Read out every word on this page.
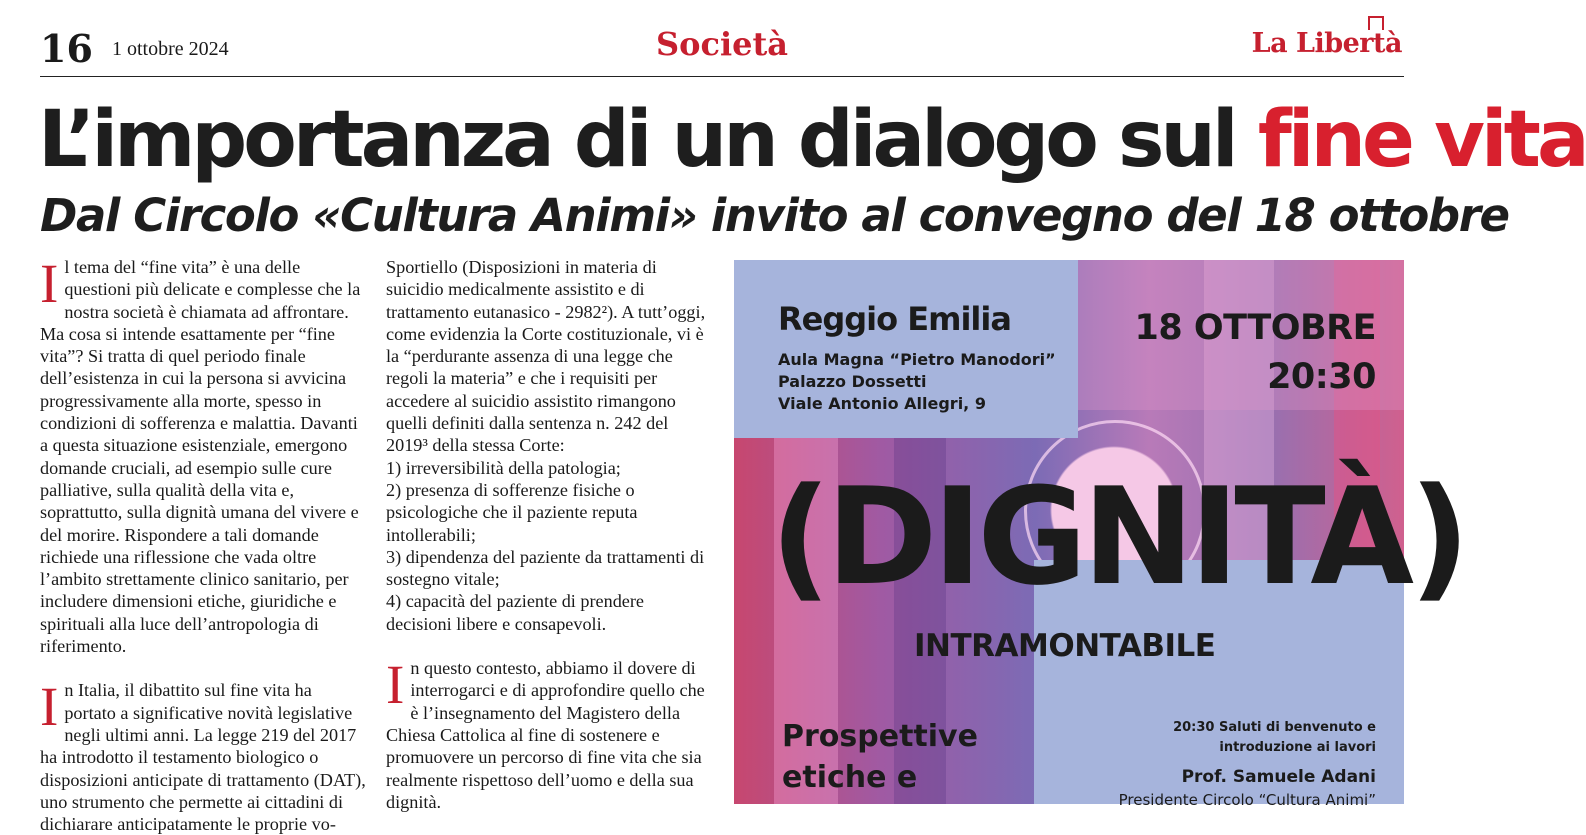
16 1 ottobre 2024	Società	La Libertà
L’importanza di un dialogo sul fine vita
Dal Circolo «Cultura Animi» invito al convegno del 18 ottobre

Il tema del “fine vita” è una delle questioni più delicate e complesse che la nostra società è chiamata ad affrontare. Ma cosa si intende esattamente per “fine vita”? Si tratta di quel periodo finale dell’esistenza in cui la persona si avvicina progressivamente alla morte, spesso in condizioni di sofferenza e malattia. Davanti a questa situazione esistenziale, emergono domande cruciali, ad esempio sulle cure palliative, sulla qualità della vita e, soprattutto, sulla dignità umana del vivere e del morire. Rispondere a tali domande richiede una riflessione che vada oltre l’ambito strettamente clinico sanitario, per includere dimensioni etiche, giuridiche e spirituali alla luce dell’antropologia di riferimento.

In Italia, il dibattito sul fine vita ha portato a significative novità legislative negli ultimi anni. La legge 219 del 2017 ha introdotto il testamento biologico o disposizioni anticipate di trattamento (DAT), uno strumento che permette ai cittadini di dichiarare anticipatamente le proprie vo-

Sportiello (Disposizioni in materia di suicidio medicalmente assistito e di trattamento eutanasico - 2982²). A tutt’oggi, come evidenzia la Corte costituzionale, vi è la “perdurante assenza di una legge che regoli la materia” e che i requisiti per accedere al suicidio assistito rimangono quelli definiti dalla sentenza n. 242 del 2019³ della stessa Corte:

1) irreversibilità della patologia;

2) presenza di sofferenze fisiche o psicologiche che il paziente reputa intollerabili;

3) dipendenza del paziente da trattamenti di sostegno vitale;

4) capacità del paziente di prendere decisioni libere e consapevoli.

In questo contesto, abbiamo il dovere di interrogarci e di approfondire quello che è l’insegnamento del Magistero della Chiesa Cattolica al fine di sostenere e promuovere un percorso di fine vita che sia realmente rispettoso dell’uomo e della sua dignità.

Reggio Emilia
Aula Magna “Pietro Manodori”
Palazzo Dossetti
Viale Antonio Allegri, 9
18 OTTOBRE
20:30
(DIGNITÀ)
INTRAMONTABILE
Prospettive
etiche e
20:30 Saluti di benvenuto e
introduzione ai lavori
Prof. Samuele Adani
Presidente Circolo “Cultura Animi”
